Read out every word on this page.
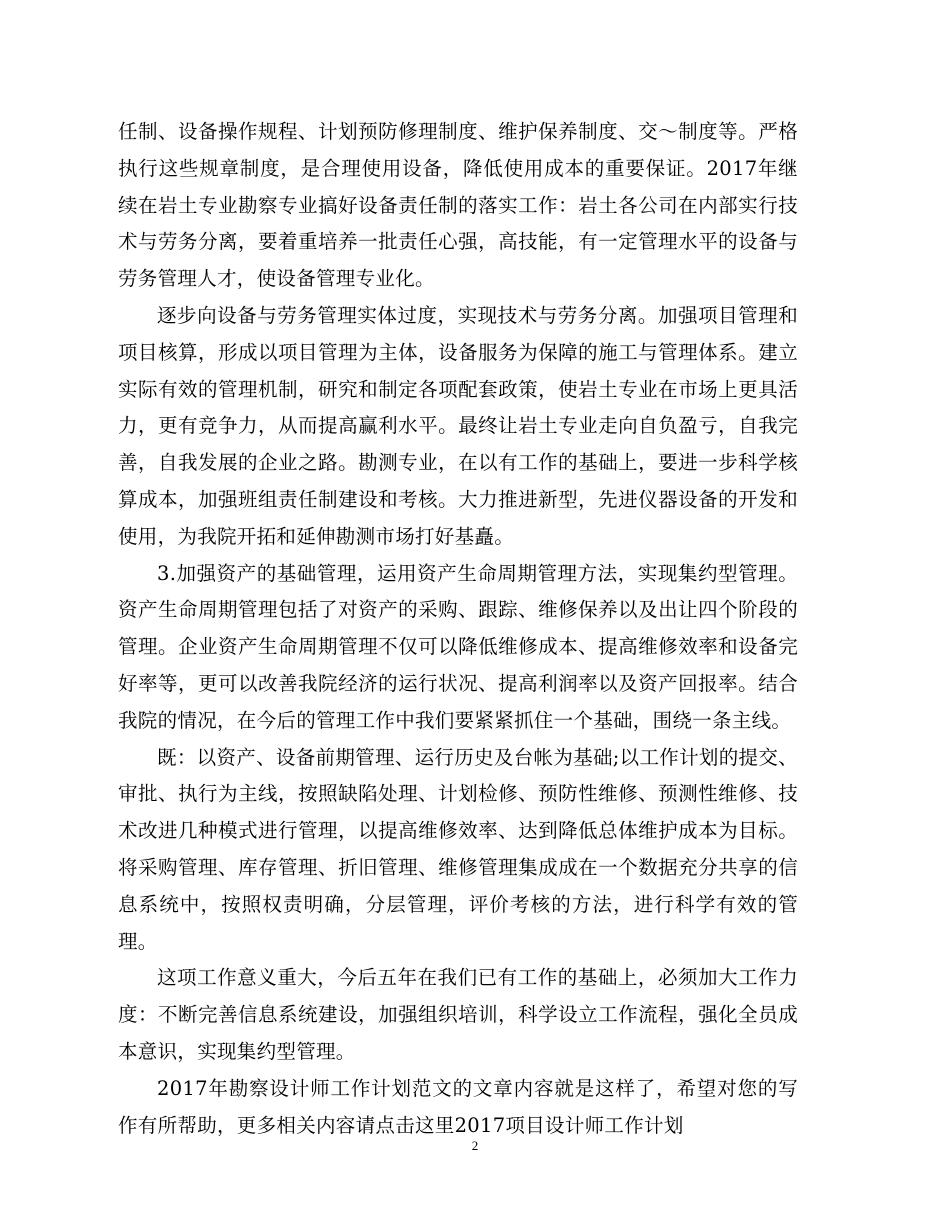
任制、设备操作规程、计划预防修理制度、维护保养制度、交～制度等。严格执行这些规章制度，是合理使用设备，降低使用成本的重要保证。2017年继续在岩土专业勘察专业搞好设备责任制的落实工作：岩土各公司在内部实行技术与劳务分离，要着重培养一批责任心强，高技能，有一定管理水平的设备与劳务管理人才，使设备管理专业化。

逐步向设备与劳务管理实体过度，实现技术与劳务分离。加强项目管理和项目核算，形成以项目管理为主体，设备服务为保障的施工与管理体系。建立实际有效的管理机制，研究和制定各项配套政策，使岩土专业在市场上更具活力，更有竞争力，从而提高赢利水平。最终让岩土专业走向自负盈亏，自我完善，自我发展的企业之路。勘测专业，在以有工作的基础上，要进一步科学核算成本，加强班组责任制建设和考核。大力推进新型，先进仪器设备的开发和使用，为我院开拓和延伸勘测市场打好基矗。

3.加强资产的基础管理，运用资产生命周期管理方法，实现集约型管理。资产生命周期管理包括了对资产的采购、跟踪、维修保养以及出让四个阶段的管理。企业资产生命周期管理不仅可以降低维修成本、提高维修效率和设备完好率等，更可以改善我院经济的运行状况、提高利润率以及资产回报率。结合我院的情况，在今后的管理工作中我们要紧紧抓住一个基础，围绕一条主线。

既：以资产、设备前期管理、运行历史及台帐为基础;以工作计划的提交、审批、执行为主线，按照缺陷处理、计划检修、预防性维修、预测性维修、技术改进几种模式进行管理，以提高维修效率、达到降低总体维护成本为目标。将采购管理、库存管理、折旧管理、维修管理集成成在一个数据充分共享的信息系统中，按照权责明确，分层管理，评价考核的方法，进行科学有效的管理。

这项工作意义重大，今后五年在我们已有工作的基础上，必须加大工作力度：不断完善信息系统建设，加强组织培训，科学设立工作流程，强化全员成本意识，实现集约型管理。

2017年勘察设计师工作计划范文的文章内容就是这样了，希望对您的写作有所帮助，更多相关内容请点击这里2017项目设计师工作计划

2
